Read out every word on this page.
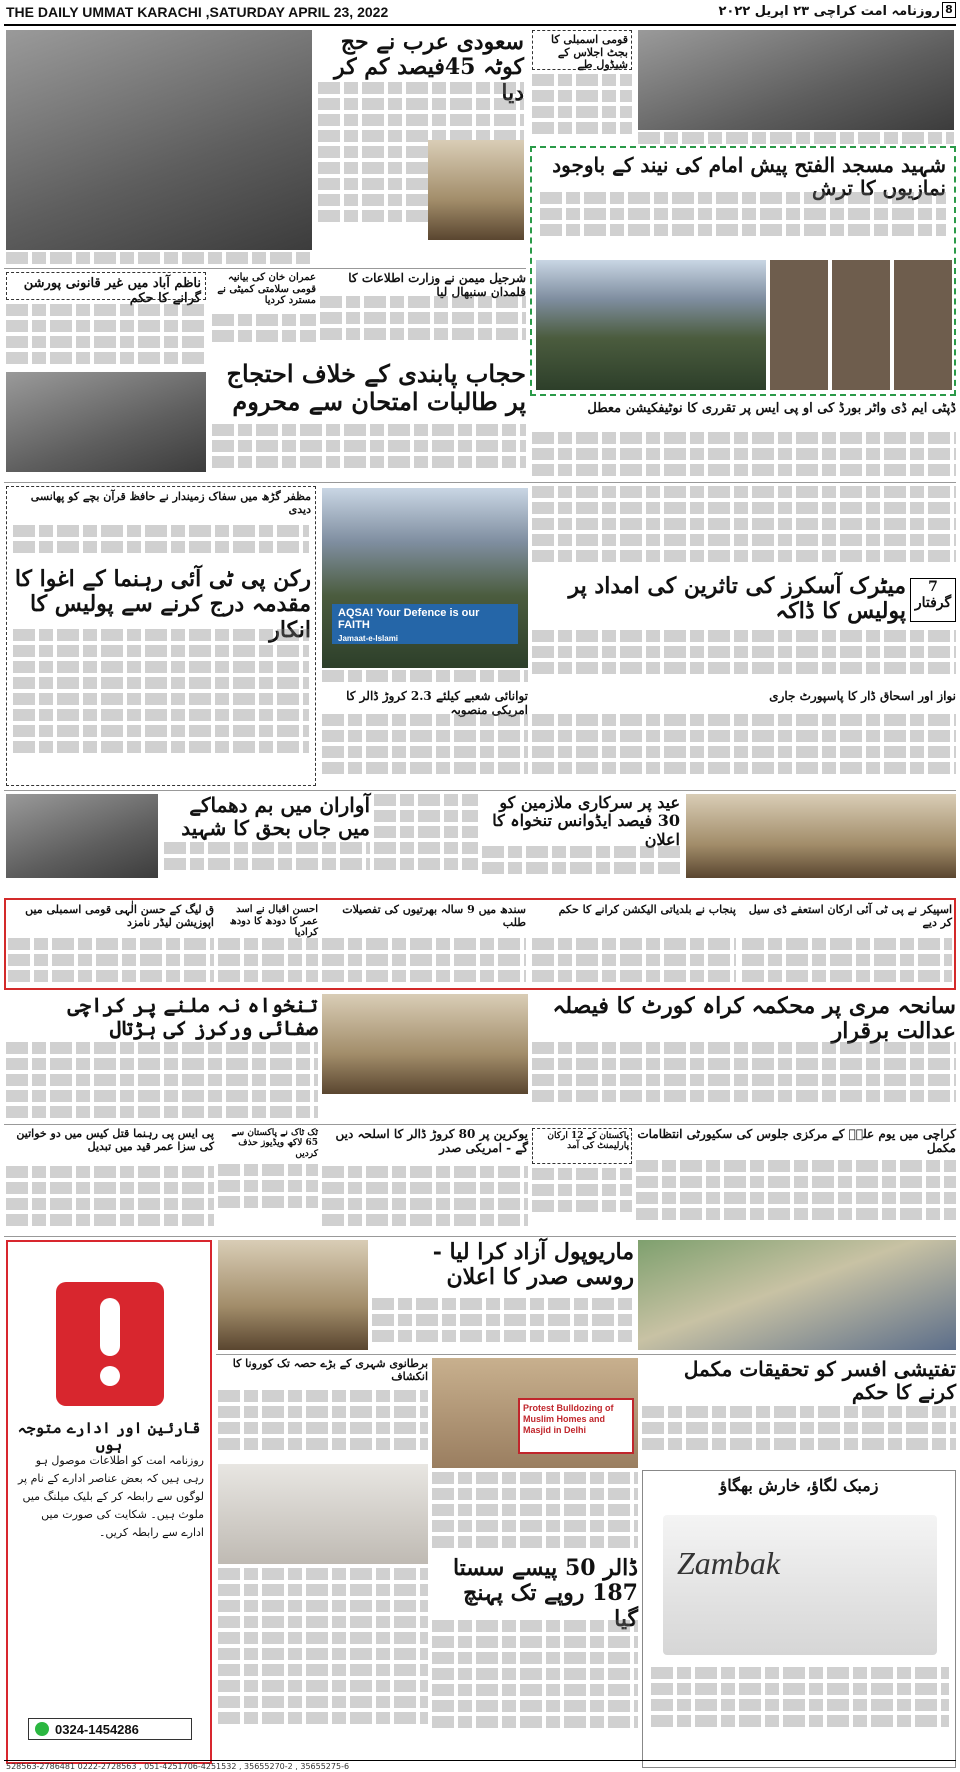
THE DAILY UMMAT KARACHI ,SATURDAY APRIL 23, 2022	روزنامہ امت کراچی ۲۳ اپریل ۲۰۲۲ 8
سعودی عرب نے حج کوٹہ 45فیصد کم کر دیا
قومی اسمبلی کا بجٹ اجلاس کے شیڈول طے
شہید مسجد الفتح پیش امام کی نیند کے باوجود نمازیوں کا ترش
ناظم آباد میں غیر قانونی پورشن گرانے کا حکم
عمران خان کی بیانیہ قومی سلامتی کمیٹی نے مسترد کردیا
شرجیل میمن نے وزارت اطلاعات کا قلمدان سنبھال لیا
حجاب پابندی کے خلاف احتجاج پر طالبات امتحان سے محروم	ڈپٹی ایم ڈی واٹر بورڈ کی او پی ایس پر تقرری کا نوٹیفکیشن معطل
مظفر گڑھ میں سفاک زمیندار نے حافظ قرآن بچے کو پھانسی دیدی
رکن پی ٹی آئی رہنما کے اغوا کا مقدمہ درج کرنے سے پولیس کا انکار
AQSA! Your Defence is our FAITH
Jamaat-e-Islami
میٹرک آسکرز کی تاثرین کی امداد پر پولیس کا ڈاکہ
7 گرفتار
توانائی شعبے کیلئے 2.3 کروڑ ڈالر کا امریکی منصوبہ
نواز اور اسحاق ڈار کا پاسپورٹ جاری
آواران میں بم دھماکے میں جاں بحق کا شہید
عید پر سرکاری ملازمین کو 30 فیصد ایڈوانس تنخواہ کا اعلان
اسپیکر نے پی ٹی آئی ارکان استعفے ڈی سیل کر دیے
پنجاب نے بلدیاتی الیکشن کرانے کا حکم
سندھ میں 9 سالہ بھرتیوں کی تفصیلات طلب
احسن اقبال نے اسد عمر کا دودھ کا دودھ کرادیا
ق لیگ کے حسن الٰہی قومی اسمبلی میں اپوزیشن لیڈر نامزد
سانحہ مری پر محکمہ کراہ کورٹ کا فیصلہ عدالت برقرار
تنخواہ نہ ملنے پر کراچی صفائی ورکرز کی ہڑتال
کراچی میں یوم علیؑ کے مرکزی جلوس کی سکیورٹی انتظامات مکمل
پاکستان کے 12 ارکان پارلیمنٹ کی آمد
یوکرین پر 80 کروڑ ڈالر کا اسلحہ دیں گے - امریکی صدر
ٹک ٹاک نے پاکستان سے 65 لاکھ ویڈیوز حذف کردیں
پی ایس پی رہنما قتل کیس میں دو خواتین کی سزا عمر قید میں تبدیل
قارئین اور ادارے متوجہ ہوں
روزنامہ امت کو اطلاعات موصول ہو رہی ہیں کہ بعض عناصر ادارے کے نام پر لوگوں سے رابطہ کر کے بلیک میلنگ میں ملوث ہیں۔ شکایت کی صورت میں ادارے سے رابطہ کریں۔
0324-1454286
ماریوپول آزاد کرا لیا - روسی صدر کا اعلان
برطانوی شہری کے بڑے حصہ تک کورونا کا انکشاف
Protest Bulldozing of Muslim Homes and Masjid in Delhi
تفتیشی افسر کو تحقیقات مکمل کرنے کا حکم
ڈالر 50 پیسے سستا 187 روپے تک پہنچ گیا
زمبک لگاؤ، خارش بھگاؤ
Zambak
528563-2786481 0222-2728563 , 051-4251706-4251532 , 35655270-2 , 35655275-6
